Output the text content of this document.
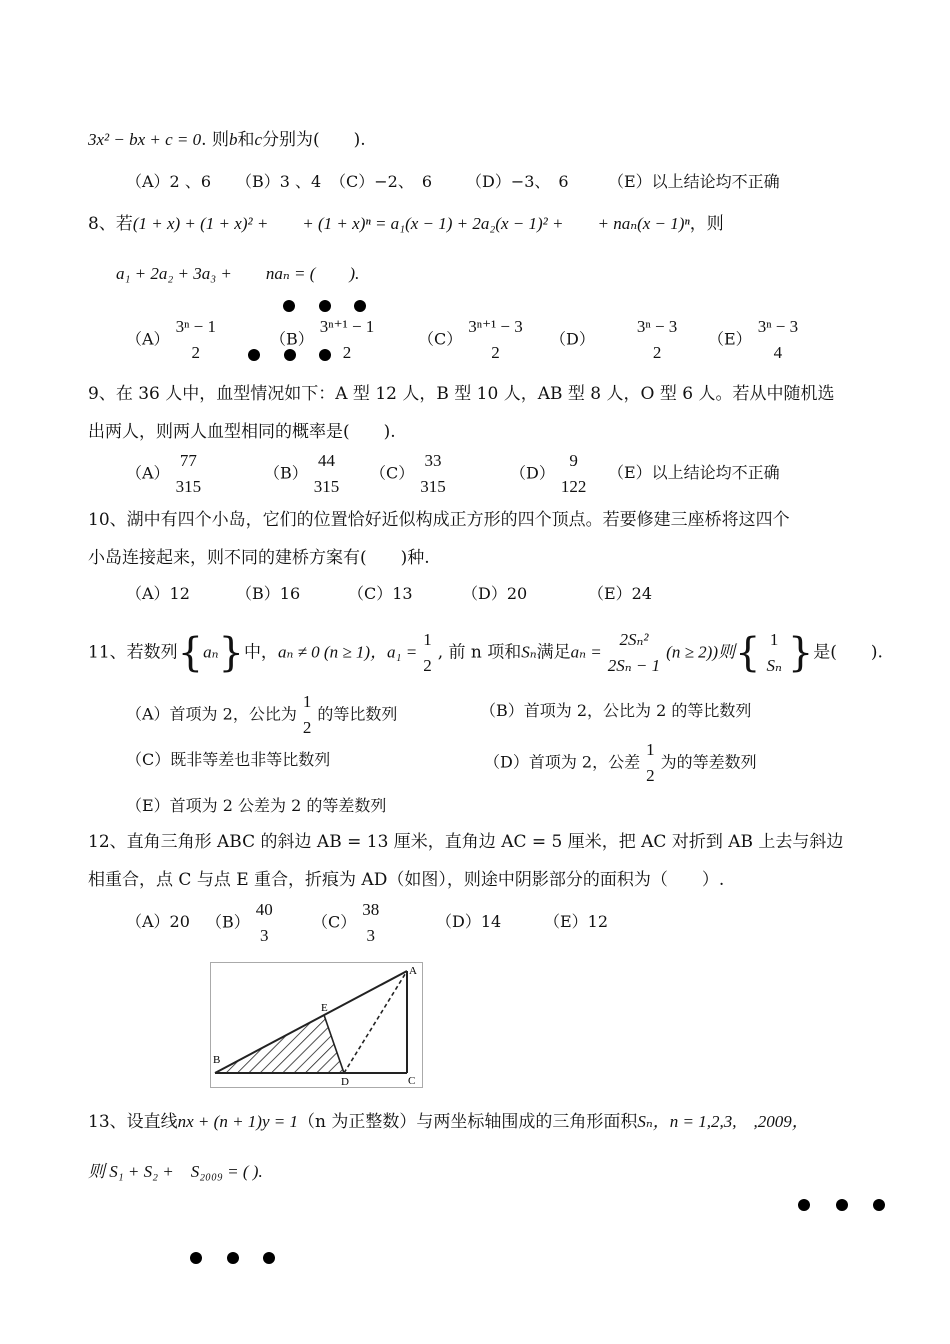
3x² − bx + c = 0. 则b和c分别为(　　).
（A）2 、6 （B）3 、4 （C）−2、　6 （D）−3、　6 （E）以上结论均不正确
8、若(1 + x) + (1 + x)² +　　+ (1 + x)ⁿ = a₁(x − 1) + 2a₂(x − 1)² +　　+ naₙ(x − 1)ⁿ，则
a₁ + 2a₂ + 3a₃ +　　naₙ = (　　).
（A）
3ⁿ − 1
2
（B）
3ⁿ⁺¹ − 1
2
（C）
3ⁿ⁺¹ − 3
2
（D）
3ⁿ − 3
2
（E）
3ⁿ − 3
4
9、在 36 人中，血型情况如下：A 型 12 人，B 型 10 人，AB 型 8 人，O 型 6 人。若从中随机选
出两人，则两人血型相同的概率是(　　).
（A）
77
315
（B）
44
315
（C）
33
315
（D）
9
122
（E）以上结论均不正确
10、湖中有四个小岛，它们的位置恰好近似构成正方形的四个顶点。若要修建三座桥将这四个
小岛连接起来，则不同的建桥方案有(　　)种.
（A）12	（B）16	（C）13	（D）20	（E）24
11、若数列{aₙ}中，aₙ ≠ 0 (n ≥ 1)，a₁ =
1
2
, 前 n 项和Sₙ满足aₙ =
2Sₙ²
2Sₙ − 1
(n ≥ 2))则{ 1
Sₙ }是(　　).
（A）首项为 2，公比为
1
2
的等比数列	（B）首项为 2，公比为 2 的等比数列
（C）既非等差也非等比数列	（D）首项为 2，公差
1
2
为的等差数列
（E）首项为 2 公差为 2 的等差数列
12、直角三角形 ABC 的斜边 AB = 13 厘米，直角边 AC = 5 厘米，把 AC 对折到 AB 上去与斜边
相重合，点 C 与点 E 重合，折痕为 AD（如图），则途中阴影部分的面积为（　　）.
（A）20 （B）
40
3
（C）
38
3
（D）14	（E）12
A
B
C
D
E
13、设直线nx + (n + 1)y = 1（n 为正整数）与两坐标轴围成的三角形面积Sₙ，n = 1,2,3,　,2009，
则 S₁ + S₂ +　S₂₀₀₉ = ( ).
